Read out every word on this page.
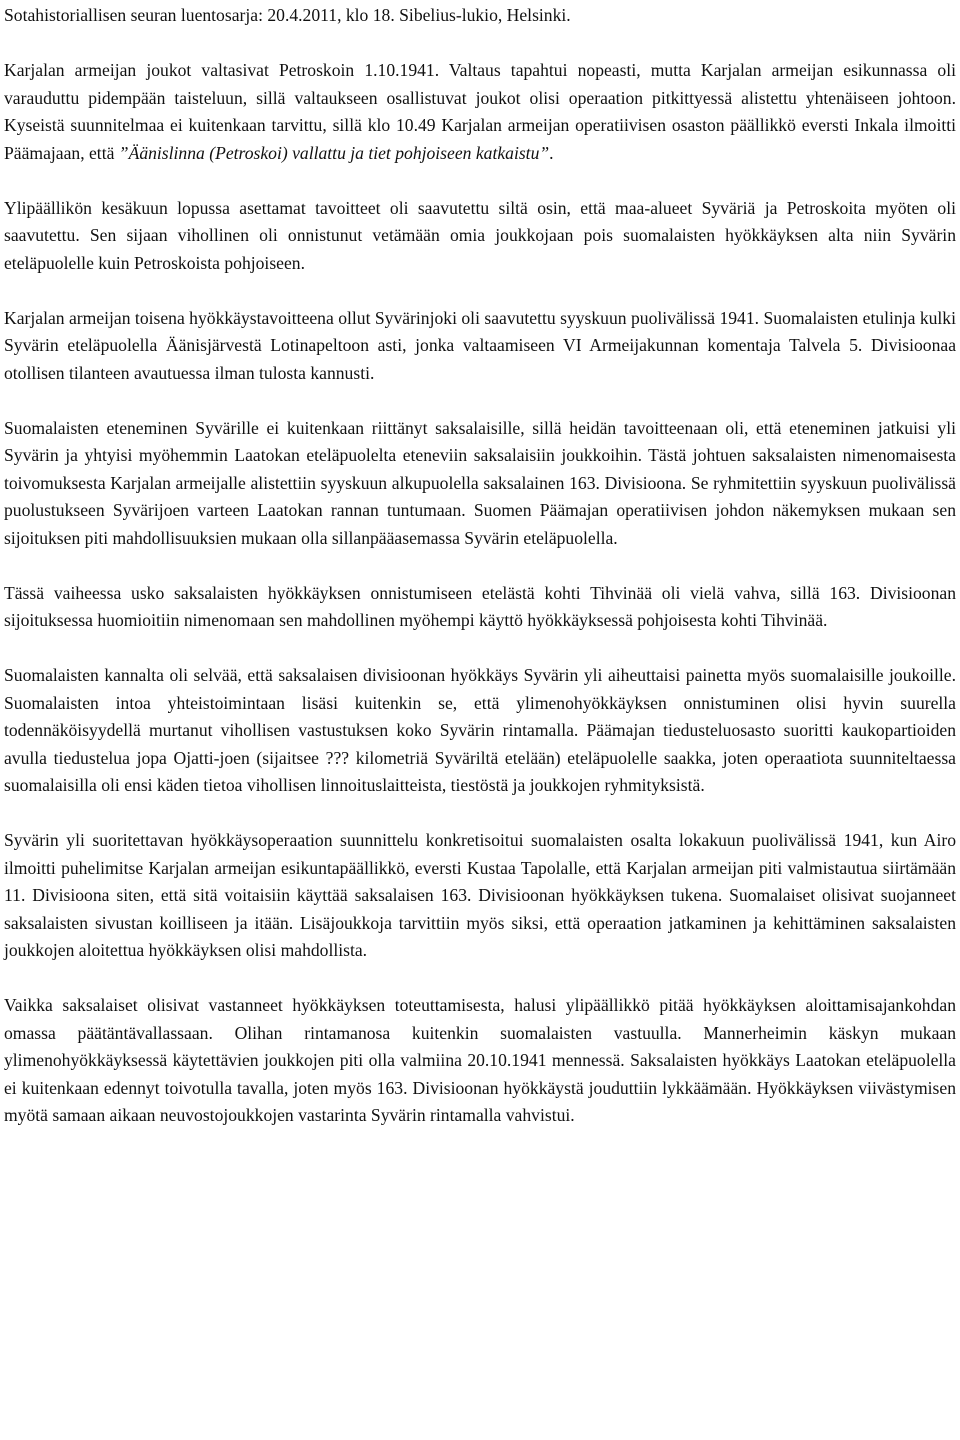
Sotahistoriallisen seuran luentosarja: 20.4.2011, klo 18. Sibelius-lukio, Helsinki.

Karjalan armeijan joukot valtasivat Petroskoin 1.10.1941. Valtaus tapahtui nopeasti, mutta Karjalan armeijan esikunnassa oli varauduttu pidempään taisteluun, sillä valtaukseen osallistuvat joukot olisi operaation pitkittyessä alistettu yhtenäiseen johtoon. Kyseistä suunnitelmaa ei kuitenkaan tarvittu, sillä klo 10.49 Karjalan armeijan operatiivisen osaston päällikkö eversti Inkala ilmoitti Päämajaan, että ”Äänislinna (Petroskoi) vallattu ja tiet pohjoiseen katkaistu”.

Ylipäällikön kesäkuun lopussa asettamat tavoitteet oli saavutettu siltä osin, että maa-alueet Syväriä ja Petroskoita myöten oli saavutettu. Sen sijaan vihollinen oli onnistunut vetämään omia joukkojaan pois suomalaisten hyökkäyksen alta niin Syvärin eteläpuolelle kuin Petroskoista pohjoiseen.

Karjalan armeijan toisena hyökkäystavoitteena ollut Syvärinjoki oli saavutettu syyskuun puolivälissä 1941. Suomalaisten etulinja kulki Syvärin eteläpuolella Äänisjärvestä Lotinapeltoon asti, jonka valtaamiseen VI Armeijakunnan komentaja Talvela 5. Divisioonaa otollisen tilanteen avautuessa ilman tulosta kannusti.

Suomalaisten eteneminen Syvärille ei kuitenkaan riittänyt saksalaisille, sillä heidän tavoitteenaan oli, että eteneminen jatkuisi yli Syvärin ja yhtyisi myöhemmin Laatokan eteläpuolelta eteneviin saksalaisiin joukkoihin. Tästä johtuen saksalaisten nimenomaisesta toivomuksesta Karjalan armeijalle alistettiin syyskuun alkupuolella saksalainen 163. Divisioona. Se ryhmitettiin syyskuun puolivälissä puolustukseen Syvärijoen varteen Laatokan rannan tuntumaan. Suomen Päämajan operatiivisen johdon näkemyksen mukaan sen sijoituksen piti mahdollisuuksien mukaan olla sillanpääasemassa Syvärin eteläpuolella.

Tässä vaiheessa usko saksalaisten hyökkäyksen onnistumiseen etelästä kohti Tihvinää oli vielä vahva, sillä 163. Divisioonan sijoituksessa huomioitiin nimenomaan sen mahdollinen myöhempi käyttö hyökkäyksessä pohjoisesta kohti Tihvinää.

Suomalaisten kannalta oli selvää, että saksalaisen divisioonan hyökkäys Syvärin yli aiheuttaisi painetta myös suomalaisille joukoille. Suomalaisten intoa yhteistoimintaan lisäsi kuitenkin se, että ylimenohyökkäyksen onnistuminen olisi hyvin suurella todennäköisyydellä murtanut vihollisen vastustuksen koko Syvärin rintamalla. Päämajan tiedusteluosasto suoritti kaukopartioiden avulla tiedustelua jopa Ojatti-joen (sijaitsee ??? kilometriä Syväriltä etelään) eteläpuolelle saakka, joten operaatiota suunniteltaessa suomalaisilla oli ensi käden tietoa vihollisen linnoituslaitteista, tiestöstä ja joukkojen ryhmityksistä.

Syvärin yli suoritettavan hyökkäysoperaation suunnittelu konkretisoitui suomalaisten osalta lokakuun puolivälissä 1941, kun Airo ilmoitti puhelimitse Karjalan armeijan esikuntapäällikkö, eversti Kustaa Tapolalle, että Karjalan armeijan piti valmistautua siirtämään 11. Divisioona siten, että sitä voitaisiin käyttää saksalaisen 163. Divisioonan hyökkäyksen tukena. Suomalaiset olisivat suojanneet saksalaisten sivustan koilliseen ja itään. Lisäjoukkoja tarvittiin myös siksi, että operaation jatkaminen ja kehittäminen saksalaisten joukkojen aloitettua hyökkäyksen olisi mahdollista.

Vaikka saksalaiset olisivat vastanneet hyökkäyksen toteuttamisesta, halusi ylipäällikkö pitää hyökkäyksen aloittamisajankohdan omassa päätäntävallassaan. Olihan rintamanosa kuitenkin suomalaisten vastuulla. Mannerheimin käskyn mukaan ylimenohyökkäyksessä käytettävien joukkojen piti olla valmiina 20.10.1941 mennessä. Saksalaisten hyökkäys Laatokan eteläpuolella ei kuitenkaan edennyt toivotulla tavalla, joten myös 163. Divisioonan hyökkäystä jouduttiin lykkäämään. Hyökkäyksen viivästymisen myötä samaan aikaan neuvostojoukkojen vastarinta Syvärin rintamalla vahvistui.
